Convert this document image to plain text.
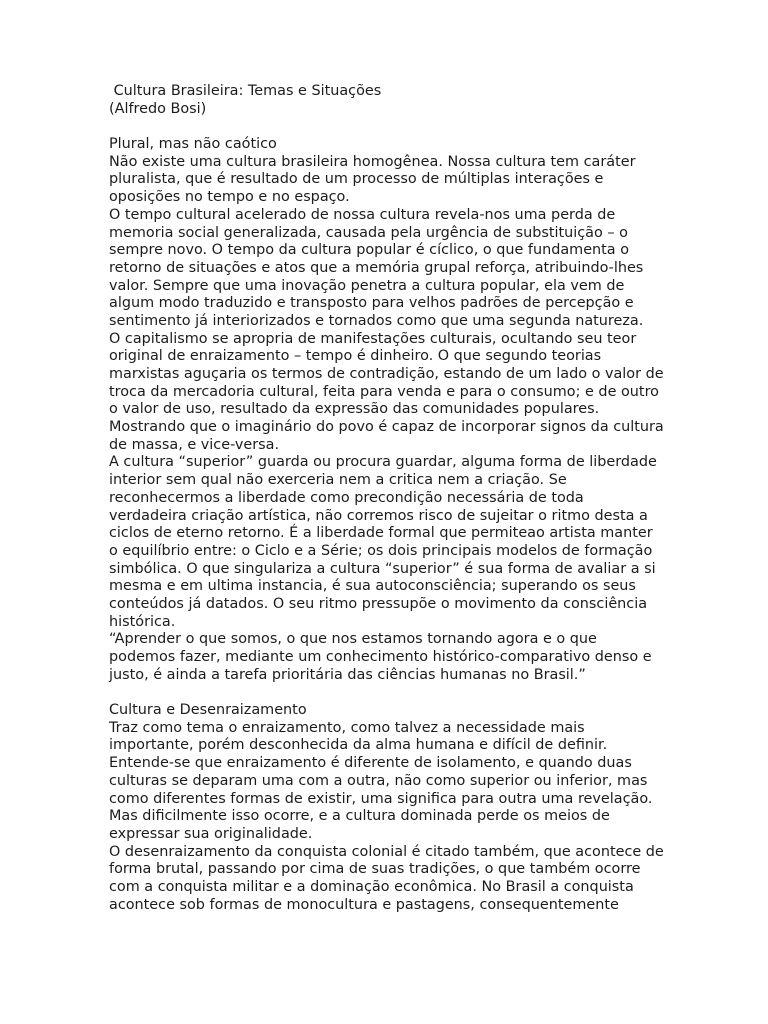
Cultura Brasileira: Temas e Situações
(Alfredo Bosi)
Plural, mas não caótico
Não existe uma cultura brasileira homogênea. Nossa cultura tem caráter
pluralista, que é resultado de um processo de múltiplas interações e
oposições no tempo e no espaço.
O tempo cultural acelerado de nossa cultura revela-nos uma perda de
memoria social generalizada, causada pela urgência de substituição – o
sempre novo. O tempo da cultura popular é cíclico, o que fundamenta o
retorno de situações e atos que a memória grupal reforça, atribuindo-lhes
valor. Sempre que uma inovação penetra a cultura popular, ela vem de
algum modo traduzido e transposto para velhos padrões de percepção e
sentimento já interiorizados e tornados como que uma segunda natureza.
O capitalismo se apropria de manifestações culturais, ocultando seu teor
original de enraizamento – tempo é dinheiro. O que segundo teorias
marxistas aguçaria os termos de contradição, estando de um lado o valor de
troca da mercadoria cultural, feita para venda e para o consumo; e de outro
o valor de uso, resultado da expressão das comunidades populares.
Mostrando que o imaginário do povo é capaz de incorporar signos da cultura
de massa, e vice-versa.
A cultura “superior” guarda ou procura guardar, alguma forma de liberdade
interior sem qual não exerceria nem a critica nem a criação. Se
reconhecermos a liberdade como precondição necessária de toda
verdadeira criação artística, não corremos risco de sujeitar o ritmo desta a
ciclos de eterno retorno. É a liberdade formal que permiteao artista manter
o equilíbrio entre: o Ciclo e a Série; os dois principais modelos de formação
simbólica. O que singulariza a cultura “superior” é sua forma de avaliar a si
mesma e em ultima instancia, é sua autoconsciência; superando os seus
conteúdos já datados. O seu ritmo pressupõe o movimento da consciência
histórica.
“Aprender o que somos, o que nos estamos tornando agora e o que
podemos fazer, mediante um conhecimento histórico-comparativo denso e
justo, é ainda a tarefa prioritária das ciências humanas no Brasil.”
Cultura e Desenraizamento
Traz como tema o enraizamento, como talvez a necessidade mais
importante, porém desconhecida da alma humana e difícil de definir.
Entende-se que enraizamento é diferente de isolamento, e quando duas
culturas se deparam uma com a outra, não como superior ou inferior, mas
como diferentes formas de existir, uma significa para outra uma revelação.
Mas dificilmente isso ocorre, e a cultura dominada perde os meios de
expressar sua originalidade.
O desenraizamento da conquista colonial é citado também, que acontece de
forma brutal, passando por cima de suas tradições, o que também ocorre
com a conquista militar e a dominação econômica. No Brasil a conquista
acontece sob formas de monocultura e pastagens, consequentemente
